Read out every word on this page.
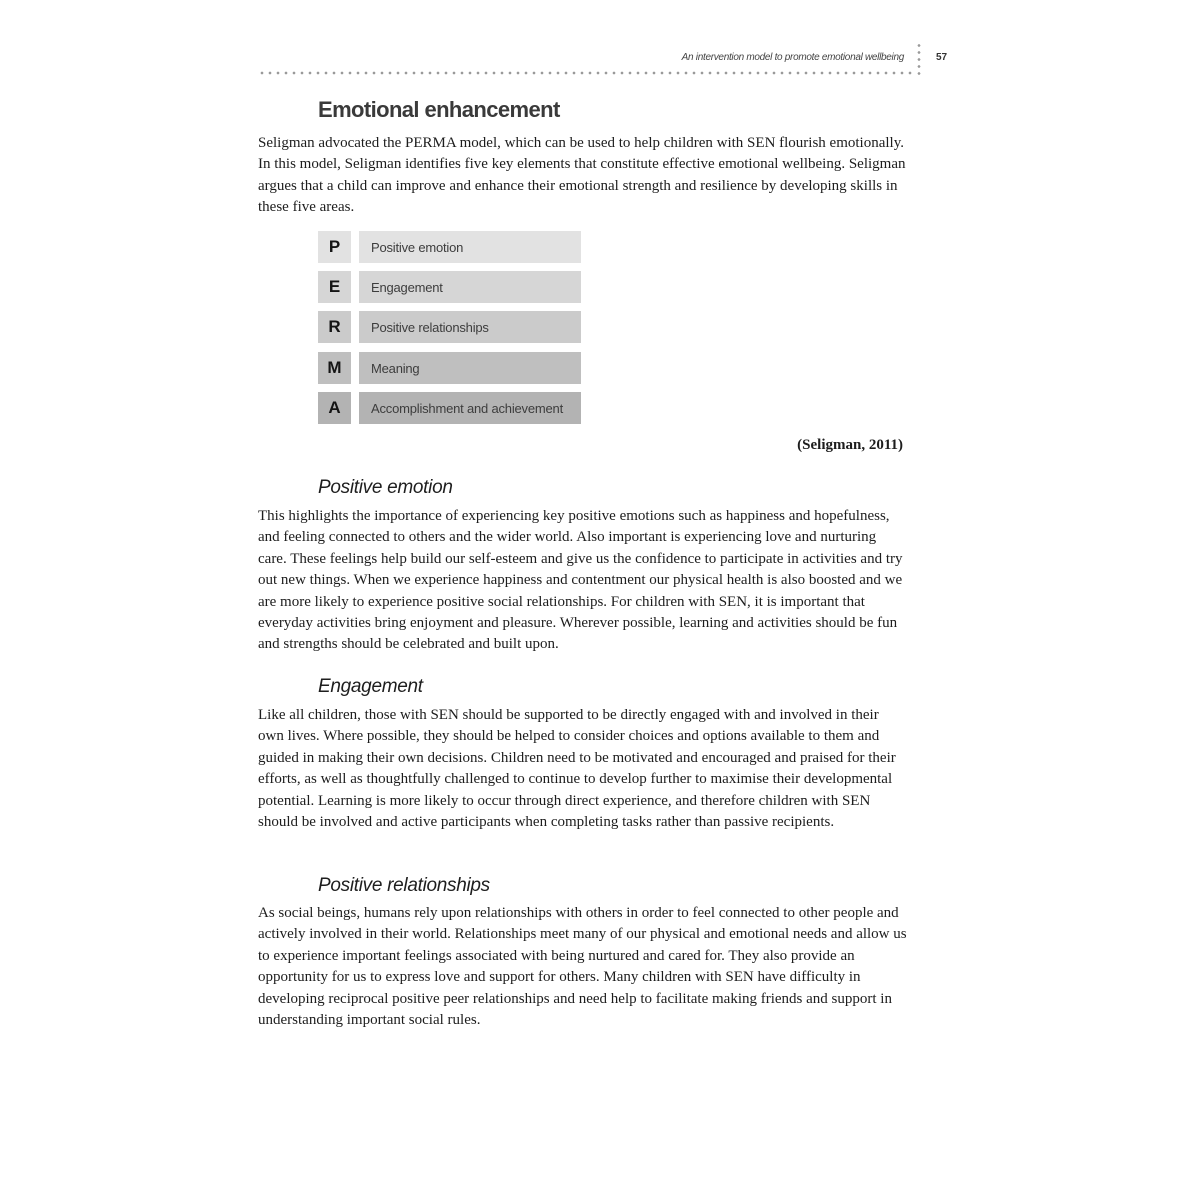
An intervention model to promote emotional wellbeing	57
Emotional enhancement

Seligman advocated the PERMA model, which can be used to help children with SEN flourish emotionally. In this model, Seligman identifies five key elements that constitute effective emotional wellbeing. Seligman argues that a child can improve and enhance their emotional strength and resilience by developing skills in these five areas.

P	Positive emotion
E	Engagement
R	Positive relationships
M	Meaning
A	Accomplishment and achievement
(Seligman, 2011)
Positive emotion

This highlights the importance of experiencing key positive emotions such as happiness and hopefulness, and feeling connected to others and the wider world. Also important is experiencing love and nurturing care. These feelings help build our self-esteem and give us the confidence to participate in activities and try out new things. When we experience happiness and contentment our physical health is also boosted and we are more likely to experience positive social relationships. For children with SEN, it is important that everyday activities bring enjoyment and pleasure. Wherever possible, learning and activities should be fun and strengths should be celebrated and built upon.

Engagement

Like all children, those with SEN should be supported to be directly engaged with and involved in their own lives. Where possible, they should be helped to consider choices and options available to them and guided in making their own decisions. Children need to be motivated and encouraged and praised for their efforts, as well as thoughtfully challenged to continue to develop further to maximise their developmental potential. Learning is more likely to occur through direct experience, and therefore children with SEN should be involved and active participants when completing tasks rather than passive recipients.

Positive relationships

As social beings, humans rely upon relationships with others in order to feel connected to other people and actively involved in their world. Relationships meet many of our physical and emotional needs and allow us to experience important feelings associated with being nurtured and cared for. They also provide an opportunity for us to express love and support for others. Many children with SEN have difficulty in developing reciprocal positive peer relationships and need help to facilitate making friends and support in understanding important social rules.
